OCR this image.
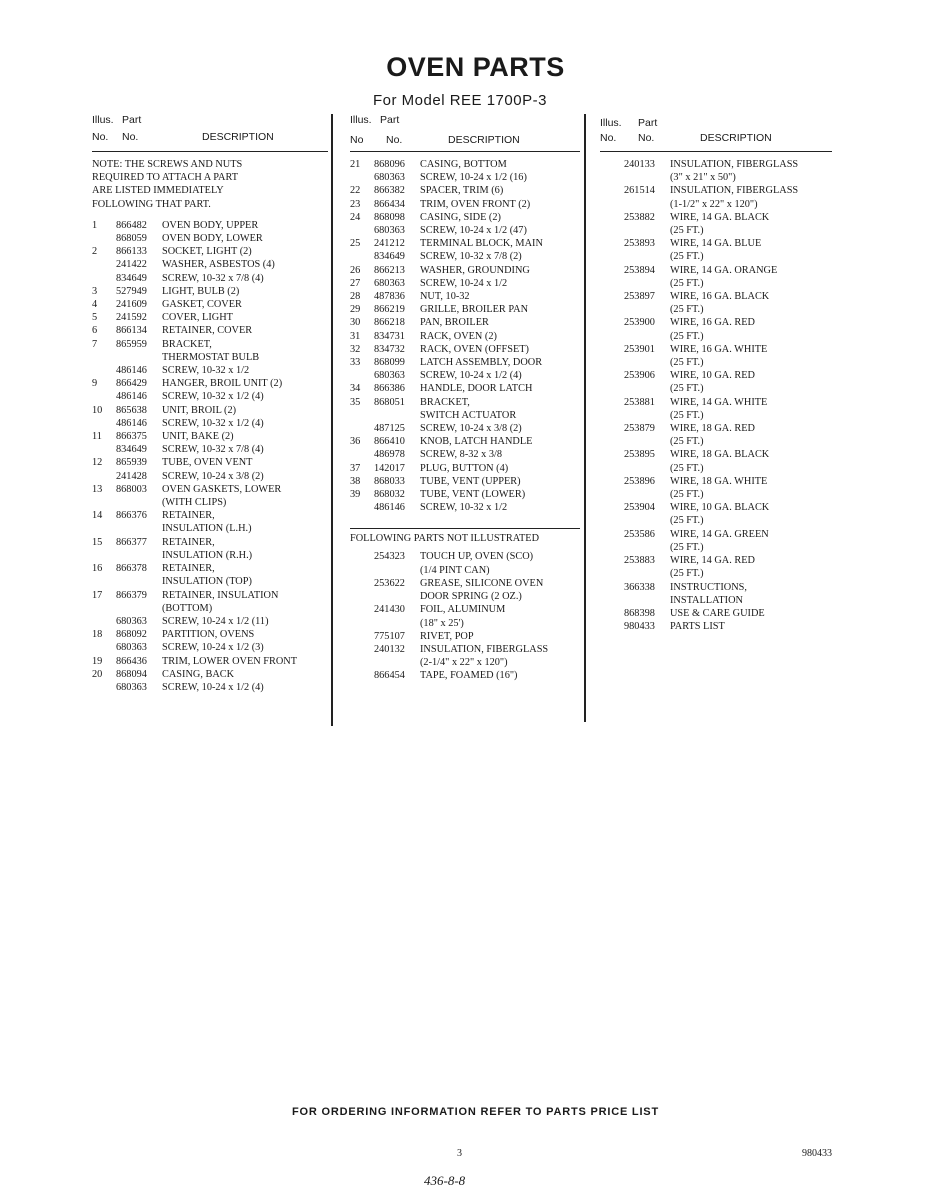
OVEN PARTS
For Model REE 1700P-3
Illus. Part
No. No.	DESCRIPTION
NOTE: THE SCREWS AND NUTS
REQUIRED TO ATTACH A PART
ARE LISTED IMMEDIATELY
FOLLOWING THAT PART.
1	866482	OVEN BODY, UPPER
868059	OVEN BODY, LOWER
2	866133	SOCKET, LIGHT (2)
241422	WASHER, ASBESTOS (4)
834649	SCREW, 10-32 x 7/8 (4)
3	527949	LIGHT, BULB (2)
4	241609	GASKET, COVER
5	241592	COVER, LIGHT
6	866134	RETAINER, COVER
7	865959	BRACKET,
THERMOSTAT BULB
486146	SCREW, 10-32 x 1/2
9	866429	HANGER, BROIL UNIT (2)
486146	SCREW, 10-32 x 1/2 (4)
10	865638	UNIT, BROIL (2)
486146	SCREW, 10-32 x 1/2 (4)
11	866375	UNIT, BAKE (2)
834649	SCREW, 10-32 x 7/8 (4)
12	865939	TUBE, OVEN VENT
241428	SCREW, 10-24 x 3/8 (2)
13	868003	OVEN GASKETS, LOWER
(WITH CLIPS)
14	866376	RETAINER,
INSULATION (L.H.)
15	866377	RETAINER,
INSULATION (R.H.)
16	866378	RETAINER,
INSULATION (TOP)
17	866379	RETAINER, INSULATION
(BOTTOM)
680363	SCREW, 10-24 x 1/2 (11)
18	868092	PARTITION, OVENS
680363	SCREW, 10-24 x 1/2 (3)
19	866436	TRIM, LOWER OVEN FRONT
20	868094	CASING, BACK
680363	SCREW, 10-24 x 1/2 (4)
Illus. Part
No No.	DESCRIPTION
21	868096	CASING, BOTTOM
680363	SCREW, 10-24 x 1/2 (16)
22	866382	SPACER, TRIM (6)
23	866434	TRIM, OVEN FRONT (2)
24	868098	CASING, SIDE (2)
680363	SCREW, 10-24 x 1/2 (47)
25	241212	TERMINAL BLOCK, MAIN
834649	SCREW, 10-32 x 7/8 (2)
26	866213	WASHER, GROUNDING
27	680363	SCREW, 10-24 x 1/2
28	487836	NUT, 10-32
29	866219	GRILLE, BROILER PAN
30	866218	PAN, BROILER
31	834731	RACK, OVEN (2)
32	834732	RACK, OVEN (OFFSET)
33	868099	LATCH ASSEMBLY, DOOR
680363	SCREW, 10-24 x 1/2 (4)
34	866386	HANDLE, DOOR LATCH
35	868051	BRACKET,
SWITCH ACTUATOR
487125	SCREW, 10-24 x 3/8 (2)
36	866410	KNOB, LATCH HANDLE
486978	SCREW, 8-32 x 3/8
37	142017	PLUG, BUTTON (4)
38	868033	TUBE, VENT (UPPER)
39	868032	TUBE, VENT (LOWER)
486146	SCREW, 10-32 x 1/2
FOLLOWING PARTS NOT ILLUSTRATED
254323	TOUCH UP, OVEN (SCO)
(1/4 PINT CAN)
253622	GREASE, SILICONE OVEN
DOOR SPRING (2 OZ.)
241430	FOIL, ALUMINUM
(18" x 25')
775107	RIVET, POP
240132	INSULATION, FIBERGLASS
(2-1/4" x 22" x 120")
866454	TAPE, FOAMED (16")
Illus. Part
No. No.	DESCRIPTION
240133	INSULATION, FIBERGLASS
(3" x 21" x 50")
261514	INSULATION, FIBERGLASS
(1-1/2" x 22" x 120")
253882	WIRE, 14 GA. BLACK
(25 FT.)
253893	WIRE, 14 GA. BLUE
(25 FT.)
253894	WIRE, 14 GA. ORANGE
(25 FT.)
253897	WIRE, 16 GA. BLACK
(25 FT.)
253900	WIRE, 16 GA. RED
(25 FT.)
253901	WIRE, 16 GA. WHITE
(25 FT.)
253906	WIRE, 10 GA. RED
(25 FT.)
253881	WIRE, 14 GA. WHITE
(25 FT.)
253879	WIRE, 18 GA. RED
(25 FT.)
253895	WIRE, 18 GA. BLACK
(25 FT.)
253896	WIRE, 18 GA. WHITE
(25 FT.)
253904	WIRE, 10 GA. BLACK
(25 FT.)
253586	WIRE, 14 GA. GREEN
(25 FT.)
253883	WIRE, 14 GA. RED
(25 FT.)
366338	INSTRUCTIONS,
INSTALLATION
868398	USE & CARE GUIDE
980433	PARTS LIST
FOR ORDERING INFORMATION REFER TO PARTS PRICE LIST
3	980433
436-8-8
